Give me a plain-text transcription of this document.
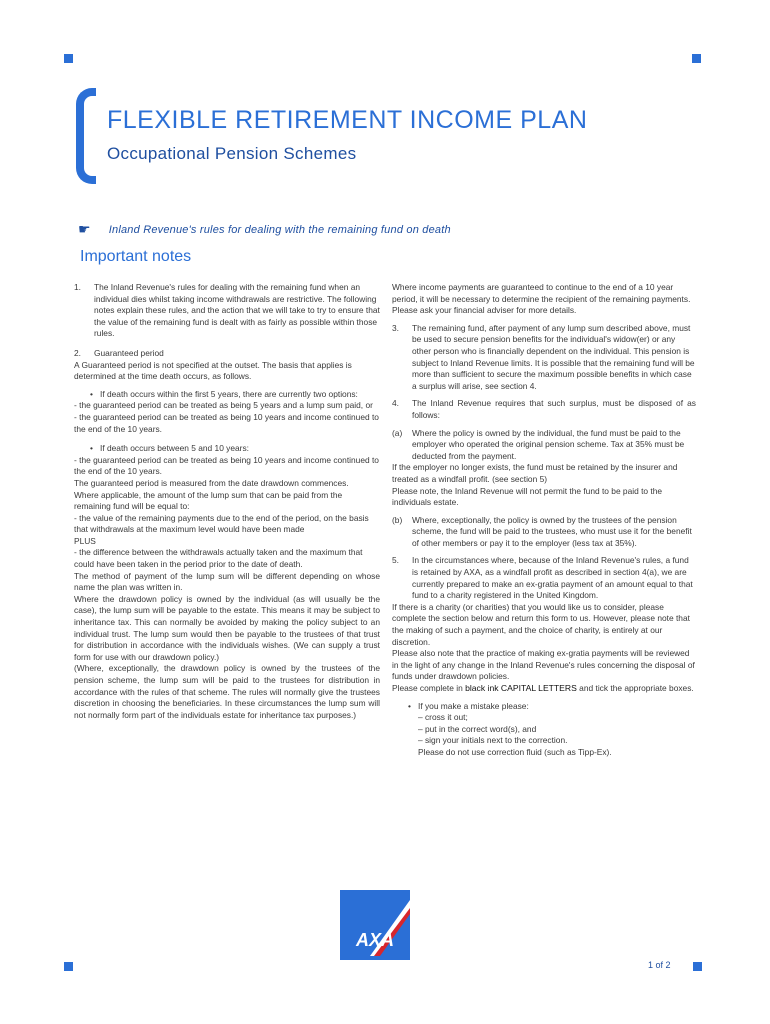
FLEXIBLE RETIREMENT INCOME PLAN
Occupational Pension Schemes
☛ Inland Revenue's rules for dealing with the remaining fund on death
Important notes
1.	The Inland Revenue's rules for dealing with the remaining fund when an individual dies whilst taking income withdrawals are restrictive. The following notes explain these rules, and the action that we will take to try to ensure that the value of the remaining fund is dealt with as fairly as possible within those rules.

2.	Guaranteed period

A Guaranteed period is not specified at the outset. The basis that applies is determined at the time death occurs, as follows.

• If death occurs within the first 5 years, there are currently two options:

- the guaranteed period can be treated as being 5 years and a lump sum paid, or

- the guaranteed period can be treated as being 10 years and income continued to the end of the 10 years.

• If death occurs between 5 and 10 years:

- the guaranteed period can be treated as being 10 years and income continued to the end of the 10 years.

The guaranteed period is measured from the date drawdown commences.

Where applicable, the amount of the lump sum that can be paid from the remaining fund will be equal to:

- the value of the remaining payments due to the end of the period, on the basis that withdrawals at the maximum level would have been made

PLUS

- the difference between the withdrawals actually taken and the maximum that could have been taken in the period prior to the date of death.

The method of payment of the lump sum will be different depending on whose name the plan was written in.

Where the drawdown policy is owned by the individual (as will usually be the case), the lump sum will be payable to the estate. This means it may be subject to inheritance tax. This can normally be avoided by making the policy subject to an individual trust. The lump sum would then be payable to the trustees of that trust for distribution in accordance with the individuals wishes. (We can supply a trust form for use with our drawdown policy.)

(Where, exceptionally, the drawdown policy is owned by the trustees of the pension scheme, the lump sum will be paid to the trustees for distribution in accordance with the rules of that scheme. The rules will normally give the trustees discretion in choosing the beneficiaries. In these circumstances the lump sum will not normally form part of the individuals estate for inheritance tax purposes.)

Where income payments are guaranteed to continue to the end of a 10 year period, it will be necessary to determine the recipient of the remaining payments. Please ask your financial adviser for more details.

3.	The remaining fund, after payment of any lump sum described above, must be used to secure pension benefits for the individual's widow(er) or any other person who is financially dependent on the individual. This pension is subject to Inland Revenue limits. It is possible that the remaining fund will be more than sufficient to secure the maximum possible benefits in which case a surplus will arise, see section 4.

4.	The Inland Revenue requires that such surplus, must be disposed of as follows:

(a)	Where the policy is owned by the individual, the fund must be paid to the employer who operated the original pension scheme. Tax at 35% must be deducted from the payment.

If the employer no longer exists, the fund must be retained by the insurer and treated as a windfall profit. (see section 5)

Please note, the Inland Revenue will not permit the fund to be paid to the individuals estate.

(b)	Where, exceptionally, the policy is owned by the trustees of the pension scheme, the fund will be paid to the trustees, who must use it for the benefit of other members or pay it to the employer (less tax at 35%).

5.	In the circumstances where, because of the Inland Revenue's rules, a fund is retained by AXA, as a windfall profit as described in section 4(a), we are currently prepared to make an ex-gratia payment of an amount equal to that fund to a charity registered in the United Kingdom.

If there is a charity (or charities) that you would like us to consider, please complete the section below and return this form to us. However, please note that the making of such a payment, and the choice of charity, is entirely at our discretion.

Please also note that the practice of making ex-gratia payments will be reviewed in the light of any change in the Inland Revenue's rules concerning the disposal of funds under drawdown policies.

Please complete in black ink CAPITAL LETTERS and tick the appropriate boxes.

• If you make a mistake please:

– cross it out;

– put in the correct word(s), and

– sign your initials next to the correction.

Please do not use correction fluid (such as Tipp-Ex).

AXA
1 of 2
